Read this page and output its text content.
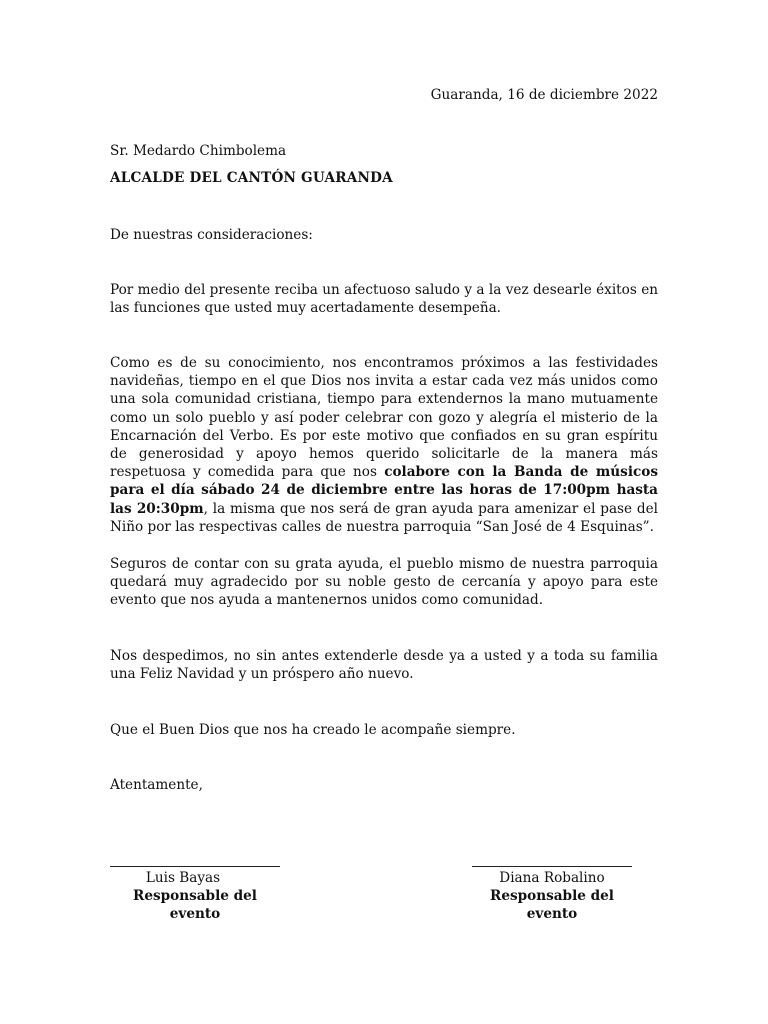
Guaranda, 16 de diciembre 2022
Sr. Medardo Chimbolema
ALCALDE DEL CANTÓN GUARANDA
De nuestras consideraciones:
Por medio del presente reciba un afectuoso saludo y a la vez desearle éxitos en las funciones que usted muy acertadamente desempeña.
Como es de su conocimiento, nos encontramos próximos a las festividades navideñas, tiempo en el que Dios nos invita a estar cada vez más unidos como una sola comunidad cristiana, tiempo para extendernos la mano mutuamente como un solo pueblo y así poder celebrar con gozo y alegría el misterio de la Encarnación del Verbo. Es por este motivo que confiados en su gran espíritu de generosidad y apoyo hemos querido solicitarle de la manera más respetuosa y comedida para que nos colabore con la Banda de músicos para el día sábado 24 de diciembre entre las horas de 17:00pm hasta las 20:30pm, la misma que nos será de gran ayuda para amenizar el pase del Niño por las respectivas calles de nuestra parroquia “San José de 4 Esquinas”.
Seguros de contar con su grata ayuda, el pueblo mismo de nuestra parroquia quedará muy agradecido por su noble gesto de cercanía y apoyo para este evento que nos ayuda a mantenernos unidos como comunidad.
Nos despedimos, no sin antes extenderle desde ya a usted y a toda su familia una Feliz Navidad y un próspero año nuevo.
Que el Buen Dios que nos ha creado le acompañe siempre.
Atentamente,
Luis Bayas
Responsable del evento
Diana Robalino
Responsable del evento
